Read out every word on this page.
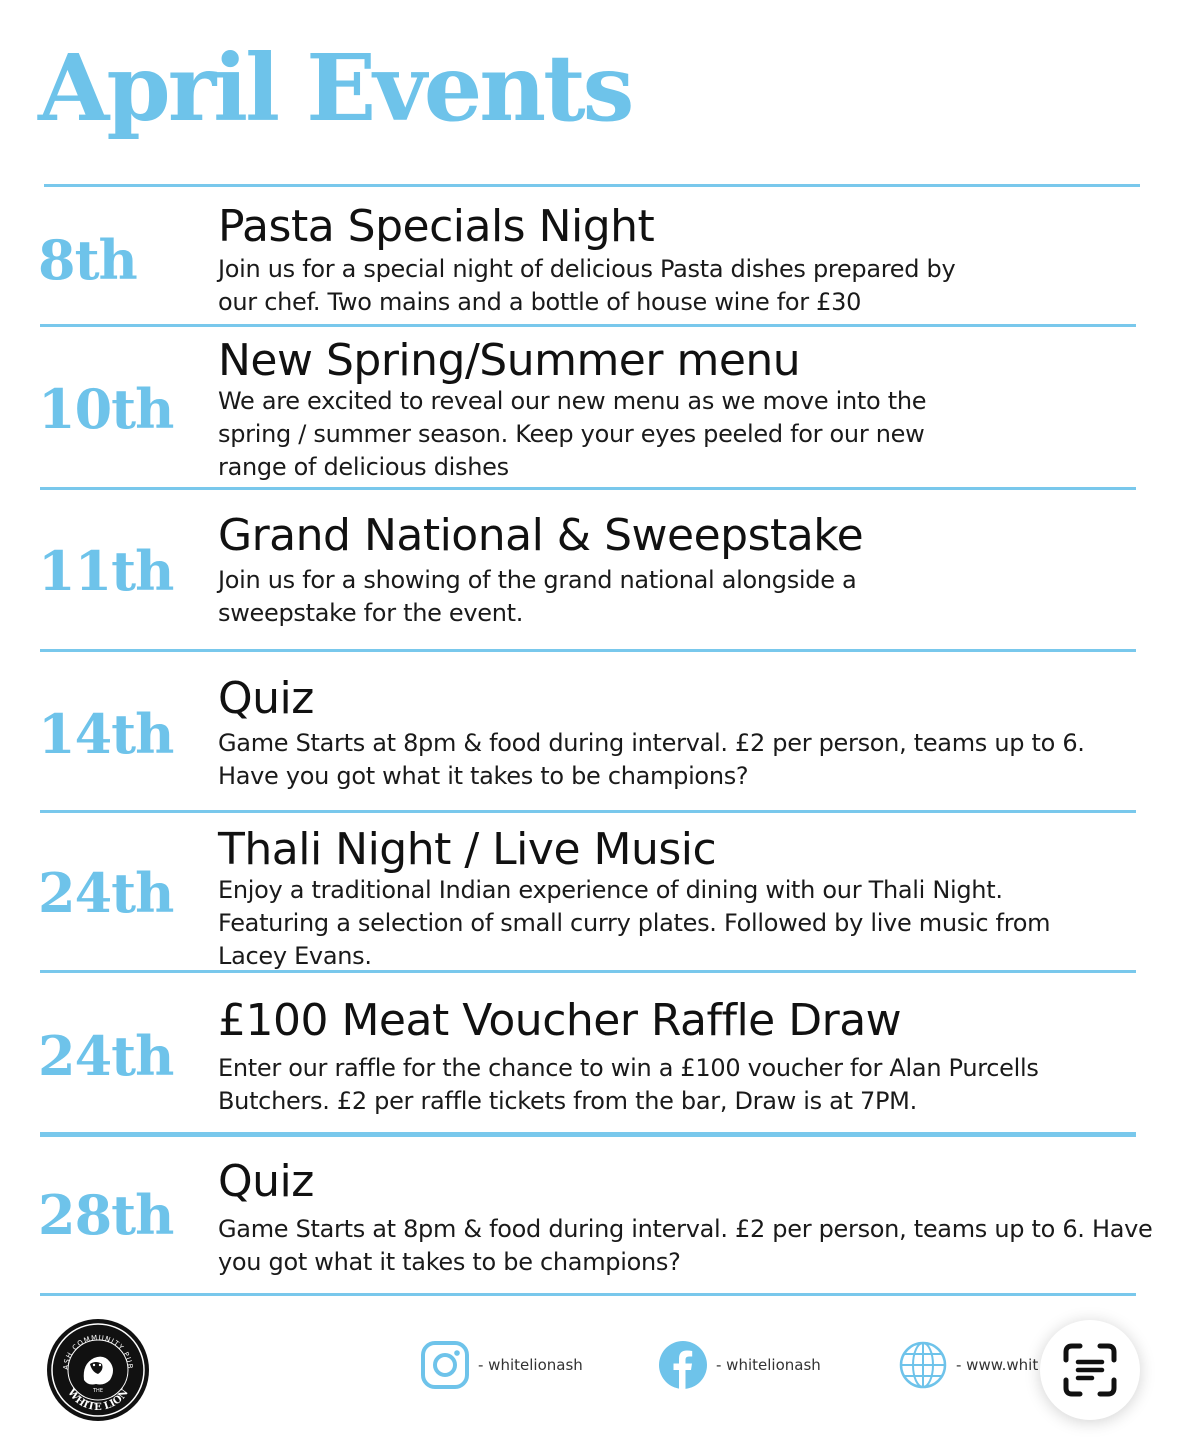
April Events
8th
Pasta Specials Night
Join us for a special night of delicious Pasta dishes prepared by our chef. Two mains and a bottle of house wine for £30
10th
New Spring/Summer menu
We are excited to reveal our new menu as we move into the spring / summer season. Keep your eyes peeled for our new range of delicious dishes
11th
Grand National & Sweepstake
Join us for a showing of the grand national alongside a sweepstake for the event.
14th
Quiz
Game Starts at 8pm & food during interval. £2 per person, teams up to 6. Have you got what it takes to be champions?
24th
Thali Night / Live Music
Enjoy a traditional Indian experience of dining with our Thali Night. Featuring a selection of small curry plates. Followed by live music from Lacey Evans.
24th
£100 Meat Voucher Raffle Draw
Enter our raffle for the chance to win a £100 voucher for Alan Purcells Butchers. £2 per raffle tickets from the bar, Draw is at 7PM.
28th
Quiz
Game Starts at 8pm & food during interval. £2 per person, teams up to 6. Have you got what it takes to be champions?
ASH COMMUNITY PUB
THE
WHITE LION
- whitelionash	- whitelionash	- www.whit
